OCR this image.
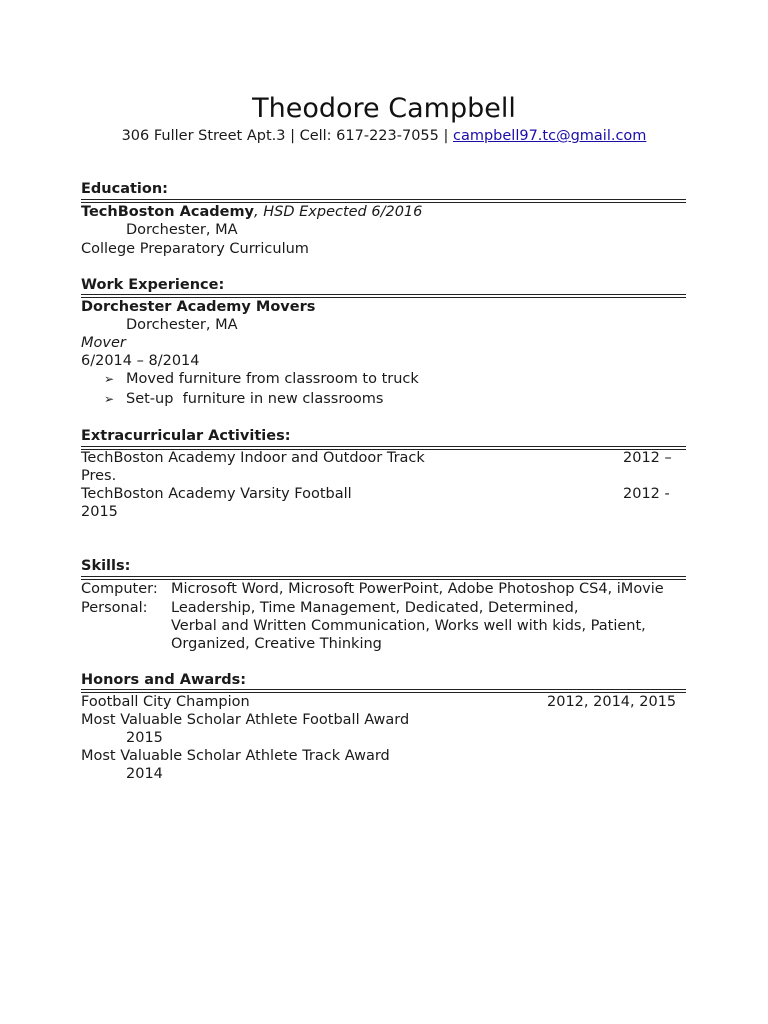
Theodore Campbell
306 Fuller Street Apt.3 | Cell: 617-223-7055 | campbell97.tc@gmail.com
Education:
TechBoston Academy, HSD Expected 6/2016
Dorchester, MA
College Preparatory Curriculum
Work Experience:
Dorchester Academy Movers
Dorchester, MA
Mover
6/2014 – 8/2014
➢ Moved furniture from classroom to truck
➢ Set-up  furniture in new classrooms
Extracurricular Activities:
TechBoston Academy Indoor and Outdoor Track	2012 –
Pres.
TechBoston Academy Varsity Football	2012 -
2015
Skills:
Computer: Microsoft Word, Microsoft PowerPoint, Adobe Photoshop CS4, iMovie
Personal: Leadership, Time Management, Dedicated, Determined,
Verbal and Written Communication, Works well with kids, Patient,
Organized, Creative Thinking
Honors and Awards:
Football City Champion	2012, 2014, 2015
Most Valuable Scholar Athlete Football Award
2015
Most Valuable Scholar Athlete Track Award
2014
